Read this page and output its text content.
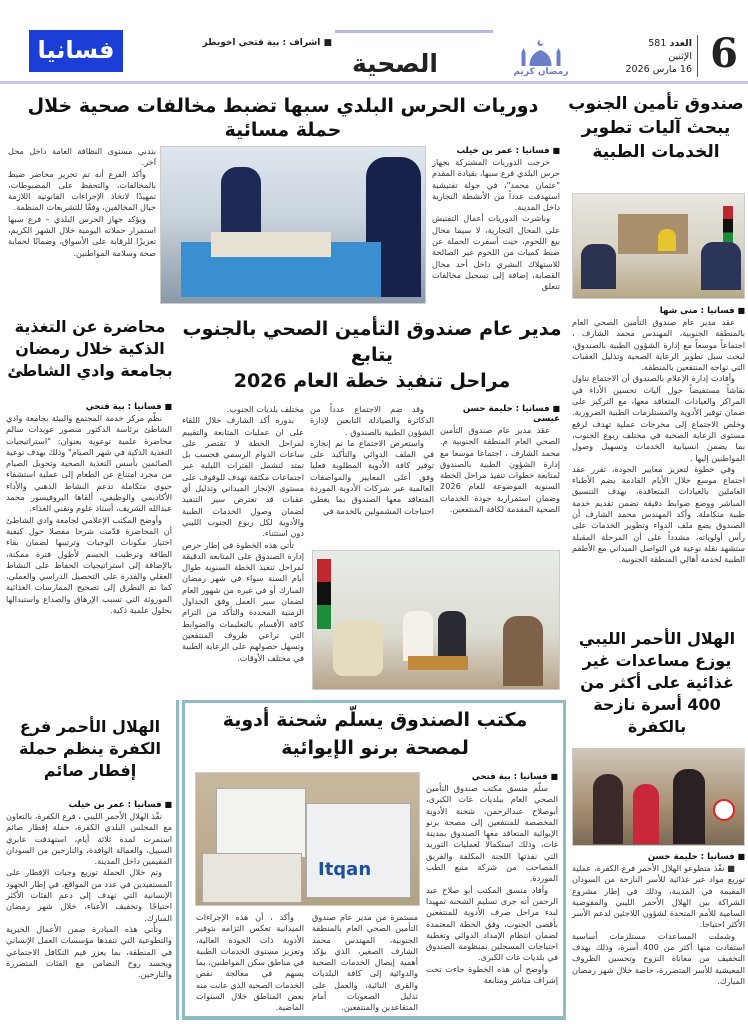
6
العدد 581
الإثنين
16 مارس 2026
رمضان كريم
الصحية
■ اشراف : بية فتحي اخويطر
فسانيا
صندوق تأمين الجنوب يبحث آليات تطوير الخدمات الطبية
■ فسانيا : منى شها

عقد مدير عام صندوق التأمين الصحي العام بالمنطقة الجنوبية، المهندس محمد الشارف ، اجتماعاً موسعاً مع إدارة الشؤون الطبية بالصندوق، لبحث سبل تطوير الرعاية الصحية وتذليل العقبات التي تواجه المنتفعين بالمنطقة.

وأفادت إدارة الإعلام بالصندوق أن الاجتماع تناول نقاشاً مستفيضاً حول آليات تحسين الأداء في المراكز والعيادات المتعاقد معها، مع التركيز على ضمان توفير الأدوية والمستلزمات الطبية الضرورية. وخلص الاجتماع إلى مخرجات عملية تهدف لرفع مستوى الرعاية الصحية في مختلف ربوع الجنوب، بما يضمن انسيابية الخدمات وتسهيل وصول المواطنين إليها .

وفي خطوة لتعزيز معايير الجودة، تقرر عقد اجتماع موسع خلال الأيام القادمة يضم الأطباء العاملين بالعيادات المتعاقدة، بهدف التنسيق المباشر ووضع ضوابط دقيقة تضمن تقديم خدمة طبية متكاملة. وأكد المهندس محمد الشارف أن الصندوق يضع ملف الدواء وتطوير الخدمات على رأس أولوياته، مشدداً على أن المرحلة المقبلة ستشهد نقلة نوعية في التواصل الميداني مع الأطقم الطبية لخدمة أهالي المنطقة الجنوبية.

الهلال الأحمر الليبي يوزع مساعدات غير غذائية على أكثر من 400 أسرة نازحة بالكفرة
■ فسانيا : حليمة حسن

■ نفّذ متطوعو الهلال الأحمر فرع الكفرة، عملية توزيع مواد غير غذائية للأسر النازحة من السودان المقيمة في المدينة، وذلك في إطار مشروع الشراكة بين الهلال الأحمر الليبي والمفوضية السامية للأمم المتحدة لشؤون اللاجئين لدعم الأسر الأكثر احتياجا.

وشملت المساعدات مستلزمات أساسية استفادت منها أكثر من 400 أسرة، وذلك بهدف التخفيف من معاناة النزوح وتحسين الظروف المعيشية للأسر المتضررة، خاصة خلال شهر رمضان المبارك.

دوريات الحرس البلدي سبها تضبط مخالفات صحية خلال حملة مسائية
■ فسانيا : عمر بن خيلب

خرجت الدوريات المشتركة بجهاز حرس البلدي فرع سبها، بقيادة المقدم "عثمان محمد"، في جولة تفتيشية استهدفت عدداً من الأنشطة التجارية داخل المدينة.

وباشرت الدوريات أعمال التفتيش على المحال التجارية، لا سيما محال بيع اللحوم، حيث أسفرت الحملة عن ضبط كميات من اللحوم غير الصالحة للاستهلاك البشري داخل أحد محال القصابة، إضافة إلى تسجيل مخالفات تتعلق

بتدني مستوى النظافة العامة داخل محل آخر.

وأكد الفرع أنه تم تحرير محاضر ضبط بالمخالفات، والتحفظ على المضبوطات، تمهيدًا لاتخاذ الإجراءات القانونية اللازمة حيال المخالفين، وفقًا للتشريعات المنظمة.

ويؤكد جهاز الحرس البلدي – فرع سبها استمرار حملاته اليومية خلال الشهر الكريم، تعزيزًا للرقابة على الأسواق، وضمانًا لحماية صحة وسلامة المواطنين.

مدير عام صندوق التأمين الصحي بالجنوب يتابع
مراحل تنفيذ خطة العام 2026
■ فسانيا : حليمة حسن عيسى

عقد مدير عام صندوق التأمين الصحي العام المنطقة الجنوبية م. محمد الشارف ، اجتماعا موسعا مع إدارة الشؤون الطبية بالصندوق لمتابعة خطوات تنفيذ مراحل الخطة السنوية الموضوعة للعام 2026 وضمان استمرارية جودة الخدمات الصحية المقدمة لكافة المنتفعين.

وقد ضم الاجتماع عدداً من الدكاترة والصيادلة التابعين لإدارة الشؤون الطبية بالصندوق .

واستعرض الاجتماع ما تم إنجازه في الملف الدوائي والتأكيد على توفير كافة الأدوية المطلوبة فعليا وفق أعلى المعايير والمواصفات العالمية عبر شركات الأدوية الموردة المتعاقد معها الصندوق بما يغطي احتياجات المشمولين بالخدمة في

مختلف بلديات الجنوب.

بدوره أكد الشارف خلال اللقاء على ان عمليات المتابعة والتقييم لمراحل الخطة لا تقتصر على ساعات الدوام الرسمي فحسب بل تمتد لتشمل الفترات الليلية عبر اجتماعات مكثفة تهدف للوقوف على مستوى الإنجاز الميداني وتذليل أي عقبات قد تعترض سير التنفيذ لضمان وصول الخدمات الطبية والأدوية لكل ربوع الجنوب الليبي دون استثناء.

تأتي هذه الخطوة في إطار حرص إدارة الصندوق على المتابعة الدقيقة لمراحل تنفيذ الخطة السنوية طوال أيام السنة سواء في شهر رمضان المبارك أو في غيره من شهور العام لضمان سير العمل وفق الجداول الزمنية المحددة والتأكد من التزام كافة الأقسام بالتعليمات والضوابط التي تراعي ظروف المنتفعين وتسهل حصولهم على الرعاية الطبية في مختلف الأوقات.

محاضرة عن التغذية الذكية خلال رمضان بجامعة وادي الشاطئ
■ فسانيا : بية فتحي

نظّم مركز خدمة المجتمع والبيئة بجامعة وادي الشاطئ برئاسة الدكتور منصور عويدات سالم محاضرة علمية توعوية بعنوان: "استراتيجيات التغذية الذكية في شهر الصيام" وذلك بهدف توعية الصائمين بأسس التغذية الصحية وتحويل الصيام من مجرد امتناع عن الطعام إلى عملية استشفاء حيوي متكاملة تدعم النشاط الذهني والأداء الأكاديمي والوظيفي، ألقاها البروفيسور محمد عبدالله الشريف، أستاذ علوم وتقني الغذاء.

وأوضح المكتب الإعلامي لجامعة وادي الشاطئ أن المحاضرة قدّمت شرحا مفصلا حول كيفية اختيار مكونات الوجبات وترتيبها لضمان بقاء الطاقة وترطيب الجسم لأطول فترة ممكنة، بالإضافة إلى استراتيجيات الحفاظ على النشاط العقلي والقدرة على التحصيل الدراسي والعملي، كما تم التطرق إلى تصحيح الممارسات الغذائية الموروثة التي تسبب الإرهاق والصداع واستبدالها بحلول علمية ذكية.

الهلال الأحمر فرع الكفرة ينظم حملة إفطار صائم
■ فسانيا : عمر بن خيلب

نفّذ الهلال الأحمر الليبي ، فرع الكفرة، بالتعاون مع المجلس البلدي الكفرة، حملة إفطار صائم استمرت لمدة ثلاثة أيام، استهدفت عابري السبيل، والعمالة الوافدة، والنازحين من السودان المقيمين داخل المدينة.

وتم خلال الحملة توزيع وجبات الإفطار على المستفيدين في عدد من المواقع، في إطار الجهود الإنسانية التي تهدف إلى دعم الفئات الأكثر احتياجًا وتخفيف الأعباء، خلال شهر رمضان المبارك.

وتأتي هذه المبادرة ضمن الأعمال الخيرية والتطوعية التي تنفذها مؤسسات العمل الإنساني في المنطقة، بما يعزز قيم التكافل الاجتماعي ويجسد روح التضامن مع الفئات المتضررة والنازحين.

مكتب الصندوق يسلّم شحنة أدوية لمصحة برنو الإيوائية
Itqan
■ فسانيا : بية فتحي

سلّم منسق مكتب صندوق التأمين الصحي العام ببلديات غات الكبرى، أبوصلاح عبدالرحمن، شحنة الأدوية المخصصة للمنتفعين إلى مصحة برنو الإيوائية المتعاقد معها الصندوق بمدينة غات، وذلك استكمالًا لعمليات التوريد التي نفذتها اللجنة المكلفة والفريق المصاحب من شركة منبع الطب الموردة.

وأفاد منسق المكتب أبو صلاح عبد الرحمن أنه جرى تسليم الشحنة تمهيدا لبدء مراحل صرف الأدوية للمنتفعين بأقصى الجنوب، وفق الخطة المعتمدة لضمان انتظام الإمداد الدوائي وتغطية احتياجات المسجلين بمنظومة الصندوق في بلديات غات الكبرى.

وأوضح أن هذه الخطوة جاءت تحت إشراف مباشر ومتابعة

مستمرة من مدير عام صندوق التأمين الصحي العام بالمنطقة الجنوبية، المهندس محمد الشارف الصغير، الذي يؤكد أهمية إيصال الخدمات الصحية والدوائية إلى كافة البلديات والقرى النائية، والعمل على تذليل الصعوبات أمام المتقاعدين والمنتفعين.

وأكد ، أن هذه الإجراءات الميدانية تعكس التزامه بتوفير الأدوية ذات الجودة العالية، وتعزيز مستوى الخدمات الطبية في مناطق سكن المواطنين، بما يسهم في معالجة نقص الخدمات الصحية الذي عانت منه بعض المناطق خلال السنوات الماضية.
